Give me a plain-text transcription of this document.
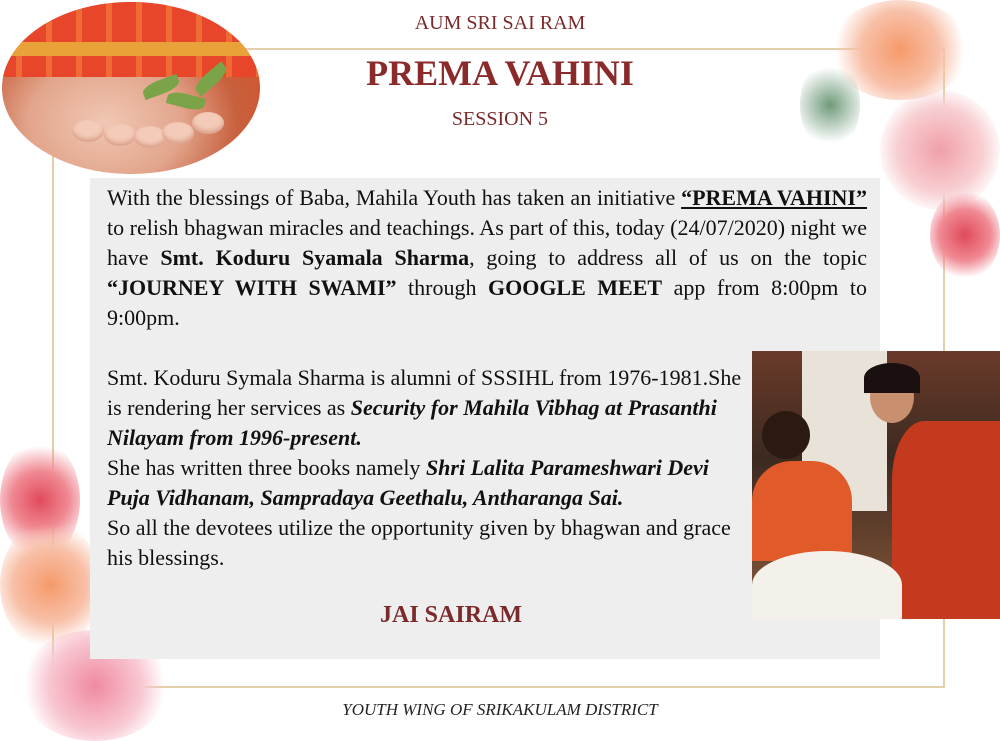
AUM SRI SAI RAM
PREMA VAHINI
SESSION 5
With the blessings of Baba, Mahila Youth has taken an initiative “PREMA VAHINI” to relish bhagwan miracles and teachings. As part of this, today (24/07/2020) night we have Smt. Koduru Syamala Sharma, going to address all of us on the topic “JOURNEY WITH SWAMI” through GOOGLE MEET app from 8:00pm to 9:00pm.
Smt. Koduru Symala Sharma is alumni of SSSIHL from 1976-1981.She is rendering her services as Security for Mahila Vibhag at Prasanthi Nilayam from 1996-present.
She has written three books namely Shri Lalita Parameshwari Devi Puja Vidhanam, Sampradaya Geethalu, Antharanga Sai.
So all the devotees utilize the opportunity given by bhagwan and grace his blessings.
JAI SAIRAM
YOUTH WING OF SRIKAKULAM DISTRICT
